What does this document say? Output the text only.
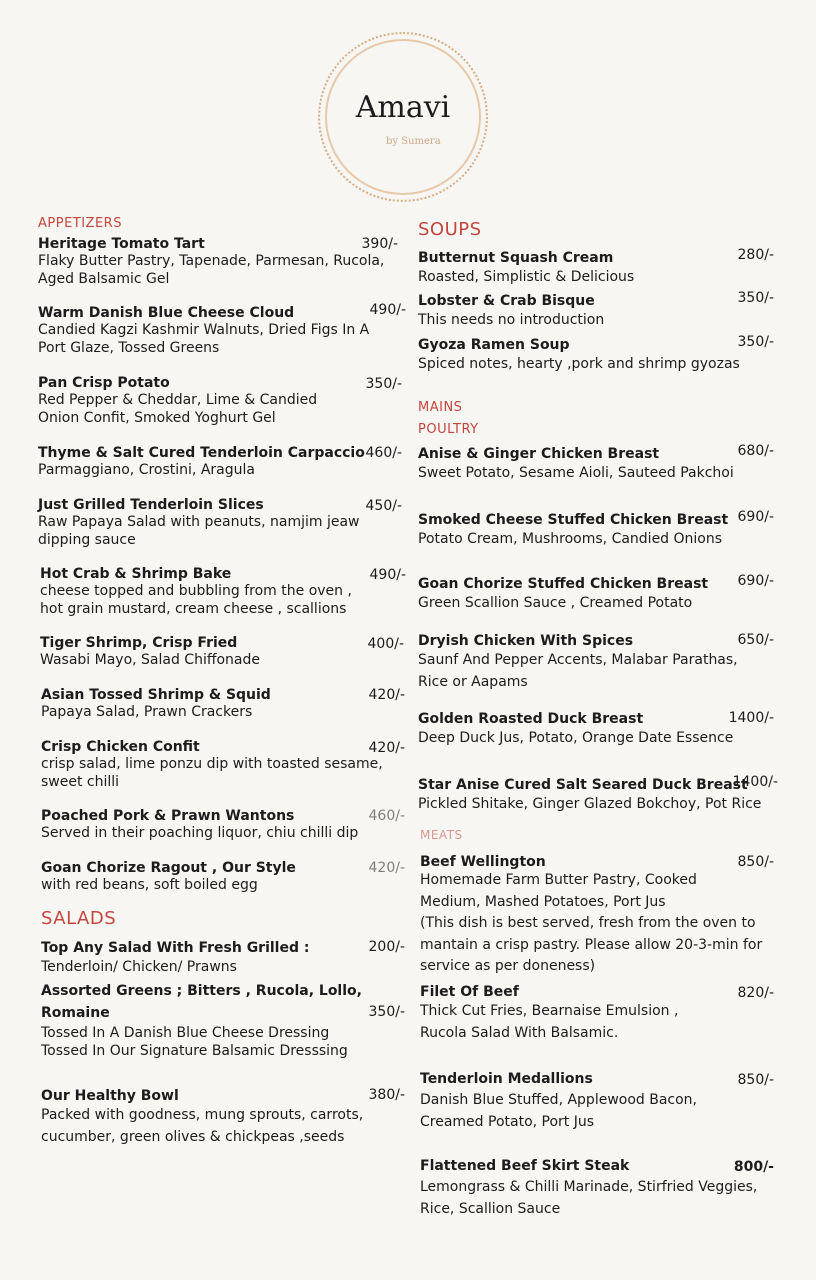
Amavi
by Sumera
APPETIZERS
Heritage Tomato Tart	390/-
Flaky Butter Pastry, Tapenade, Parmesan, Rucola,
Aged Balsamic Gel
Warm Danish Blue Cheese Cloud	490/-
Candied Kagzi Kashmir Walnuts, Dried Figs In A
Port Glaze, Tossed Greens
Pan Crisp Potato	350/-
Red Pepper & Cheddar, Lime & Candied
Onion Confit, Smoked Yoghurt Gel
Thyme & Salt Cured Tenderloin Carpaccio 460/-
Parmaggiano, Crostini, Aragula
Just Grilled Tenderloin Slices	450/-
Raw Papaya Salad with peanuts, namjim jeaw
dipping sauce
Hot Crab & Shrimp Bake	490/-
cheese topped and bubbling from the oven ,
hot grain mustard, cream cheese , scallions
Tiger Shrimp, Crisp Fried	400/-
Wasabi Mayo, Salad Chiffonade
Asian Tossed Shrimp & Squid	420/-
Papaya Salad, Prawn Crackers
Crisp Chicken Confit	420/-
crisp salad, lime ponzu dip with toasted sesame,
sweet chilli
Poached Pork & Prawn Wantons	460/-
Served in their poaching liquor, chiu chilli dip
Goan Chorize Ragout , Our Style	420/-
with red beans, soft boiled egg
SALADS
Top Any Salad With Fresh Grilled :	200/-
Tenderloin/ Chicken/ Prawns
Assorted Greens ; Bitters , Rucola, Lollo,
Romaine	350/-
Tossed In A Danish Blue Cheese Dressing
Tossed In Our Signature Balsamic Dresssing
Our Healthy Bowl	380/-
Packed with goodness, mung sprouts, carrots,
cucumber, green olives & chickpeas ,seeds
SOUPS
Butternut Squash Cream	280/-
Roasted, Simplistic & Delicious
Lobster & Crab Bisque	350/-
This needs no introduction
Gyoza Ramen Soup	350/-
Spiced notes, hearty ,pork and shrimp gyozas
MAINS
POULTRY
Anise & Ginger Chicken Breast	680/-
Sweet Potato, Sesame Aioli, Sauteed Pakchoi
Smoked Cheese Stuffed Chicken Breast 690/-
Potato Cream, Mushrooms, Candied Onions
Goan Chorize Stuffed Chicken Breast 690/-
Green Scallion Sauce , Creamed Potato
Dryish Chicken With Spices	650/-
Saunf And Pepper Accents, Malabar Parathas,
Rice or Aapams
Golden Roasted Duck Breast	1400/-
Deep Duck Jus, Potato, Orange Date Essence
Star Anise Cured Salt Seared Duck Breast
1400/-
Pickled Shitake, Ginger Glazed Bokchoy, Pot Rice
MEATS
Beef Wellington	850/-
Homemade Farm Butter Pastry, Cooked
Medium, Mashed Potatoes, Port Jus
(This dish is best served, fresh from the oven to
mantain a crisp pastry. Please allow 20-3-min for
service as per doneness)
Filet Of Beef	820/-
Thick Cut Fries, Bearnaise Emulsion ,
Rucola Salad With Balsamic.
Tenderloin Medallions	850/-
Danish Blue Stuffed, Applewood Bacon,
Creamed Potato, Port Jus
Flattened Beef Skirt Steak	800/-
Lemongrass & Chilli Marinade, Stirfried Veggies,
Rice, Scallion Sauce
